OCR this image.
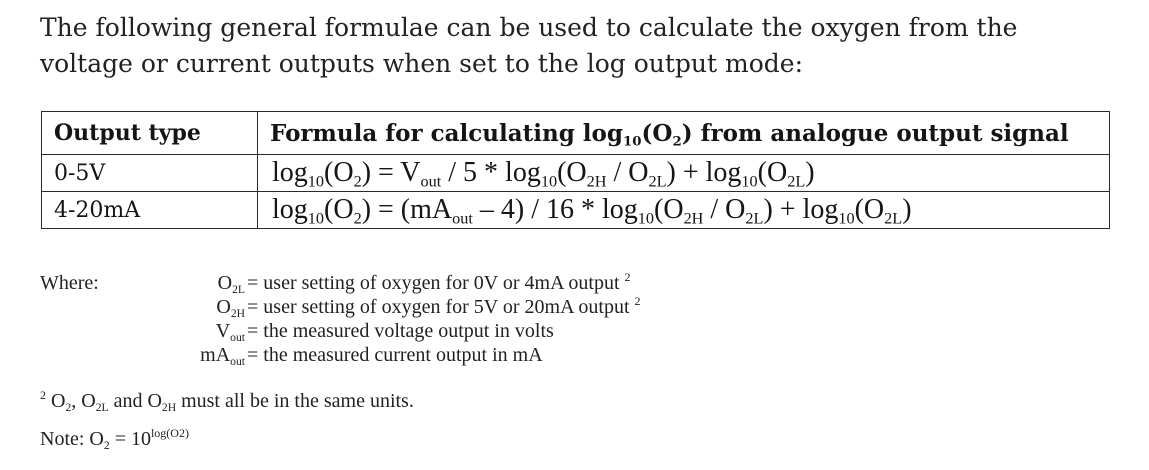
The following general formulae can be used to calculate the oxygen from the

voltage or current outputs when set to the log output mode:

Output type	Formula for calculating $\log_{10}(O_2)$ from analogue output signal
0-5V	$\log_{10}(O_2) = V_{out} / 5 * \log_{10}(O_{2H} / O_{2L}) + \log_{10}(O_{2L})$
4-20mA	$\log_{10}(O_2) = (mA_{out} - 4) / 16 * \log_{10}(O_{2H} / O_{2L}) + \log_{10}(O_{2L})$
Where:	$O_{2L}$ = user setting of oxygen for 0V or 4mA output $^2$
$O_{2H}$ = user setting of oxygen for 5V or 20mA output $^2$
$V_{out}$ = the measured voltage output in volts
$mA_{out}$ = the measured current output in mA
$^2$ $O_2$, $O_{2L}$ and $O_{2H}$ must all be in the same units.
Note: $O_2 = 10^{log(O2)}$
